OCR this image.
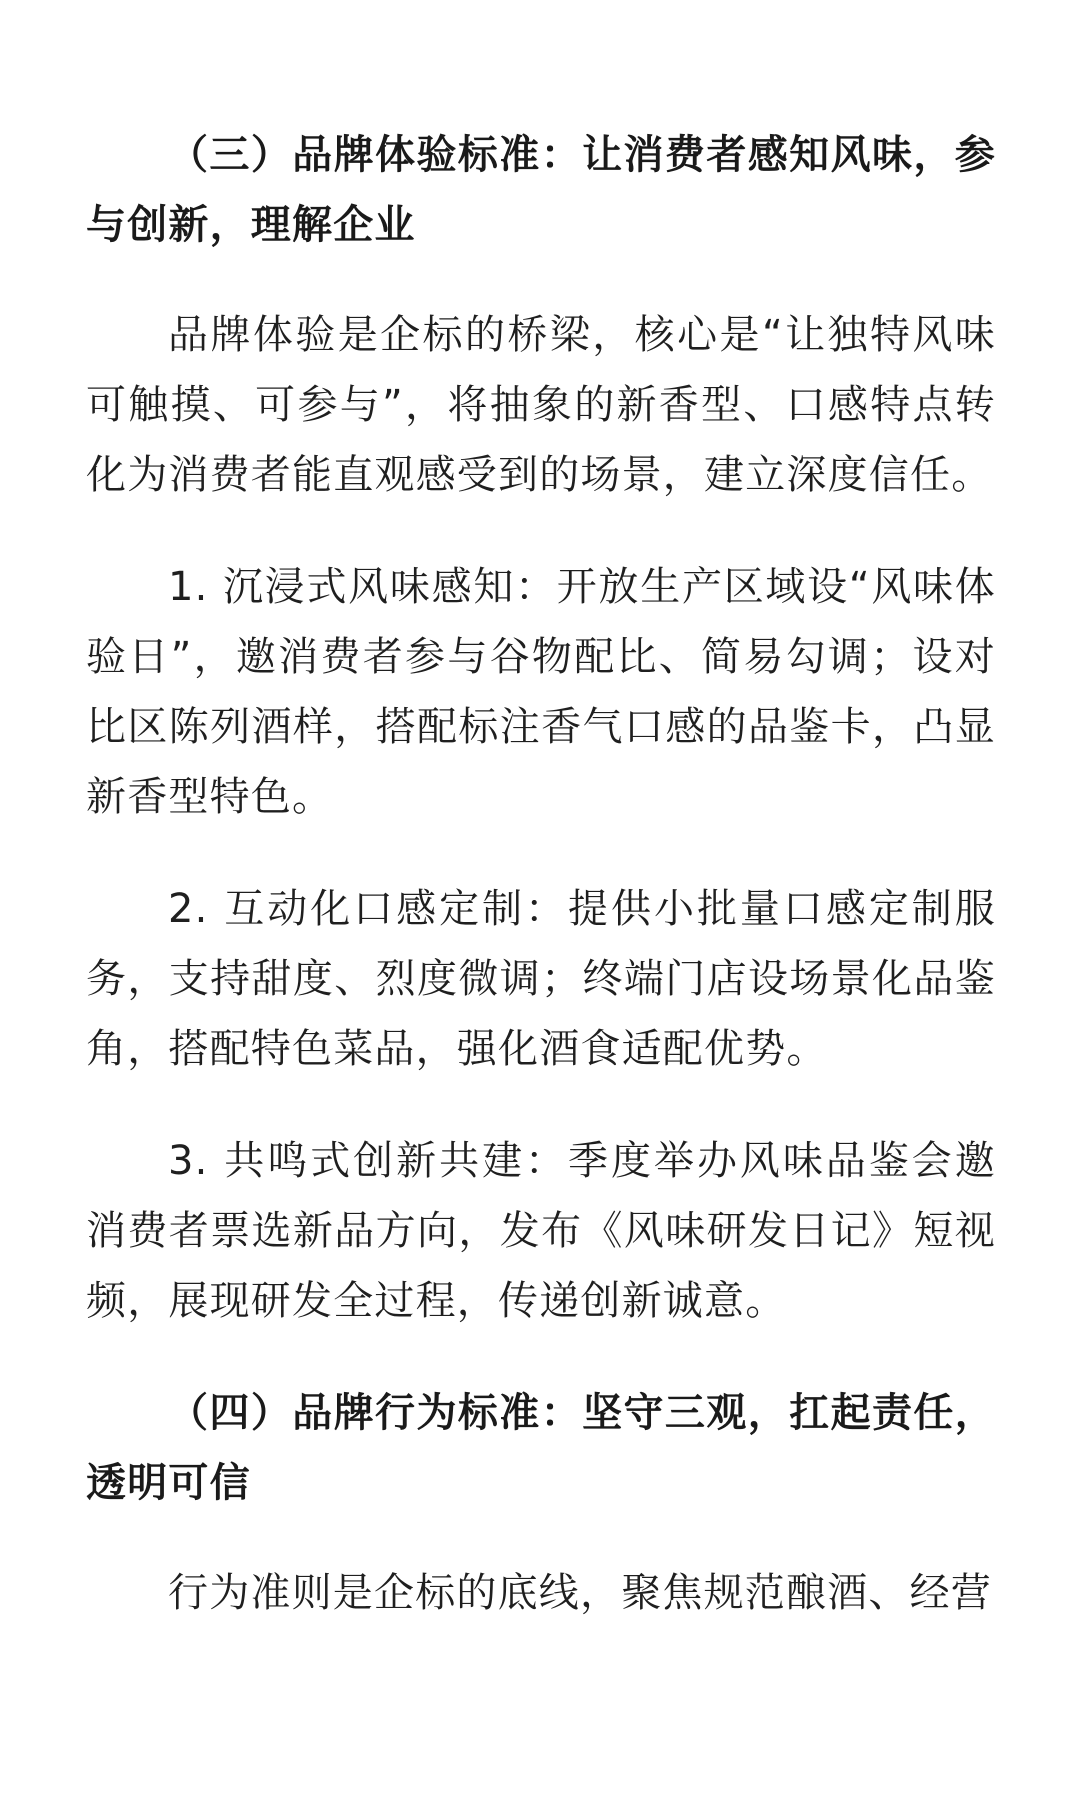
（三）品牌体验标准：让消费者感知风味，参与创新，理解企业

品牌体验是企标的桥梁，核心是“让独特风味可触摸、可参与”，将抽象的新香型、口感特点转化为消费者能直观感受到的场景，建立深度信任。

1. 沉浸式风味感知：开放生产区域设“风味体验日”，邀消费者参与谷物配比、简易勾调；设对比区陈列酒样，搭配标注香气口感的品鉴卡，凸显新香型特色。

2. 互动化口感定制：提供小批量口感定制服务，支持甜度、烈度微调；终端门店设场景化品鉴角，搭配特色菜品，强化酒食适配优势。

3. 共鸣式创新共建：季度举办风味品鉴会邀消费者票选新品方向，发布《风味研发日记》短视频，展现研发全过程，传递创新诚意。

（四）品牌行为标准：坚守三观，扛起责任，透明可信

行为准则是企标的底线，聚焦规范酿酒、经营
